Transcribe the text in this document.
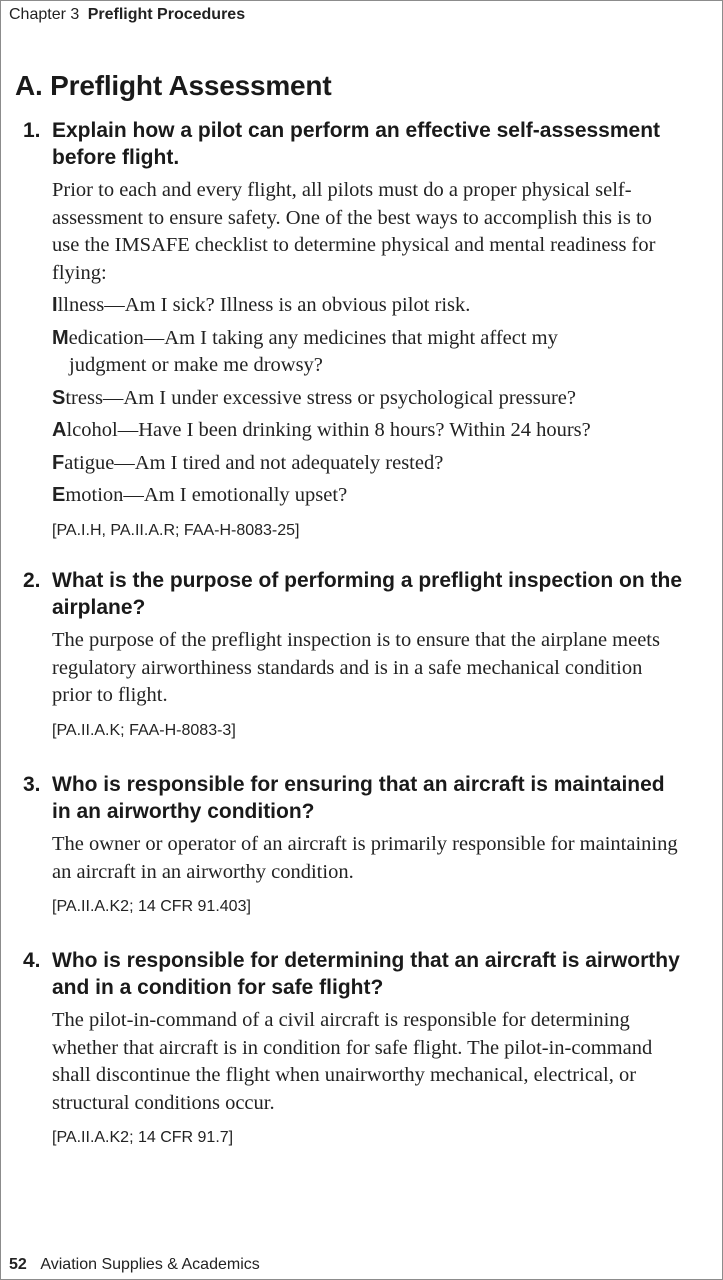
Chapter 3 Preflight Procedures
A. Preflight Assessment
1. Explain how a pilot can perform an effective self-assessment before flight.

Prior to each and every flight, all pilots must do a proper physical self-assessment to ensure safety. One of the best ways to accomplish this is to use the IMSAFE checklist to determine physical and mental readiness for flying:

Illness—Am I sick? Illness is an obvious pilot risk.

Medication—Am I taking any medicines that might affect my
judgment or make me drowsy?

Stress—Am I under excessive stress or psychological pressure?

Alcohol—Have I been drinking within 8 hours? Within 24 hours?

Fatigue—Am I tired and not adequately rested?

Emotion—Am I emotionally upset?

[PA.I.H, PA.II.A.R; FAA-H-8083-25]

2. What is the purpose of performing a preflight inspection on the airplane?

The purpose of the preflight inspection is to ensure that the airplane meets regulatory airworthiness standards and is in a safe mechanical condition prior to flight.

[PA.II.A.K; FAA-H-8083-3]

3. Who is responsible for ensuring that an aircraft is maintained in an airworthy condition?

The owner or operator of an aircraft is primarily responsible for maintaining an aircraft in an airworthy condition.

[PA.II.A.K2; 14 CFR 91.403]

4. Who is responsible for determining that an aircraft is airworthy and in a condition for safe flight?

The pilot-in-command of a civil aircraft is responsible for determining whether that aircraft is in condition for safe flight. The pilot-in-command shall discontinue the flight when unairworthy mechanical, electrical, or structural conditions occur.

[PA.II.A.K2; 14 CFR 91.7]

52 Aviation Supplies & Academics
